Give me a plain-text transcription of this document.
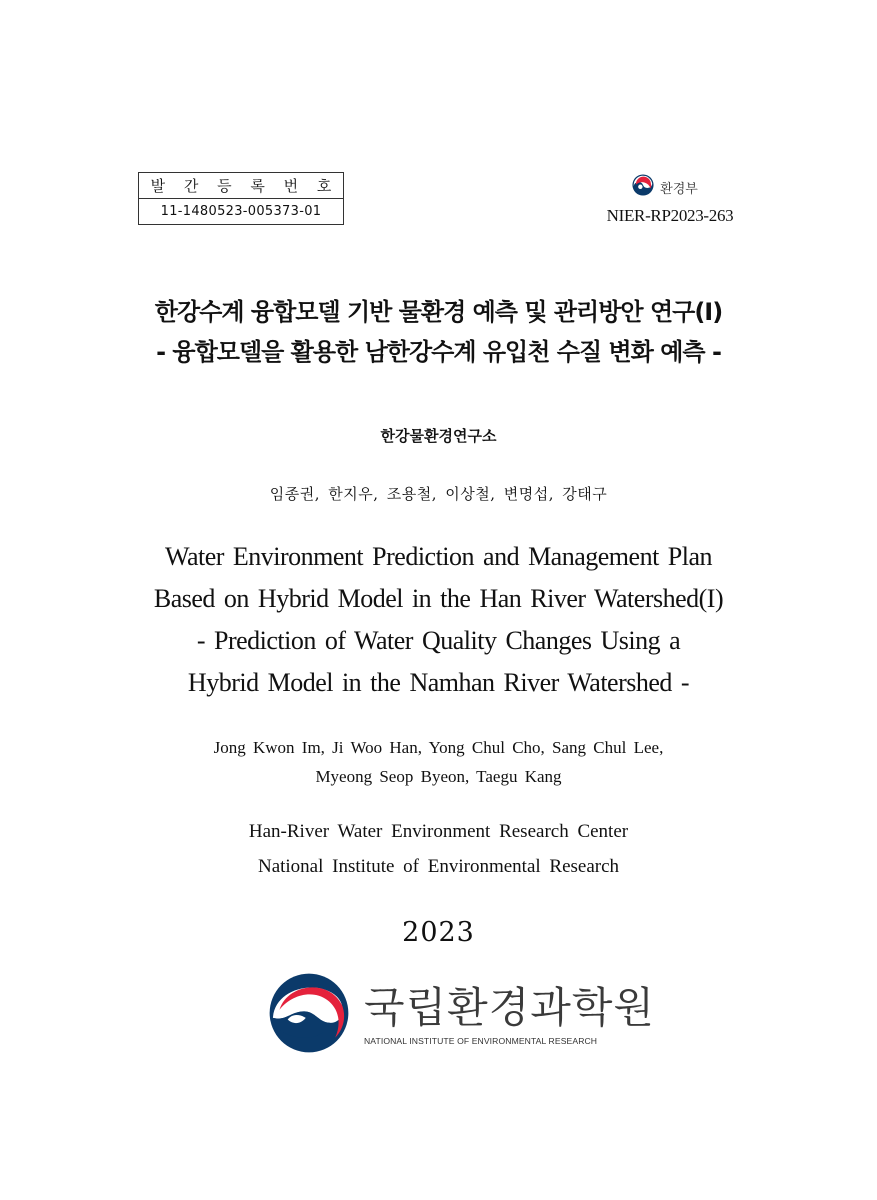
발 간 등 록 번 호
11-1480523-005373-01
환경부
NIER-RP2023-263
한강수계 융합모델 기반 물환경 예측 및 관리방안 연구(Ⅰ)
- 융합모델을 활용한 남한강수계 유입천 수질 변화 예측 -
한강물환경연구소
임종권, 한지우, 조용철, 이상철, 변명섭, 강태구
Water Environment Prediction and Management Plan
Based on Hybrid Model in the Han River Watershed(I)
- Prediction of Water Quality Changes Using a
Hybrid Model in the Namhan River Watershed -
Jong Kwon Im, Ji Woo Han, Yong Chul Cho, Sang Chul Lee,
Myeong Seop Byeon, Taegu Kang
Han-River Water Environment Research Center
National Institute of Environmental Research
2023
국립환경과학원
NATIONAL INSTITUTE OF ENVIRONMENTAL RESEARCH
